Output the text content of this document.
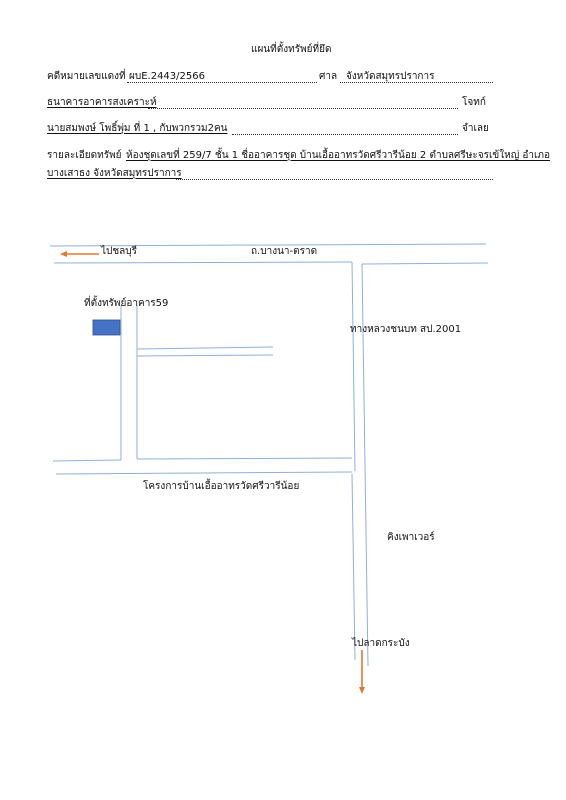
แผนที่ตั้งทรัพย์ที่ยึด
คดีหมายเลขแดงที่ ผบE.2443/2566	ศาล จังหวัดสมุทรปราการ
ธนาคารอาคารสงเคราะห์	โจทก์
นายสมพงษ์ โพธิ์พุ่ม ที่ 1 , กับพวกรวม2คน	จำเลย
รายละเอียดทรัพย์ ห้องชุดเลขที่ 259/7 ชั้น 1 ชื่ออาคารชุด บ้านเอื้ออาทรวัดศรีวารีน้อย 2 ตำบลศรีษะจรเข้ใหญ่ อำเภอ
บางเสาธง จังหวัดสมุทรปราการ
ไปชลบุรี	ถ.บางนา-ตราด
ที่ตั้งทรัพย์อาคาร59
ทางหลวงชนบท สป.2001
โครงการบ้านเอื้ออาทรวัดศรีวารีน้อย
คิงเพาเวอร์
ไปลาดกระบัง
